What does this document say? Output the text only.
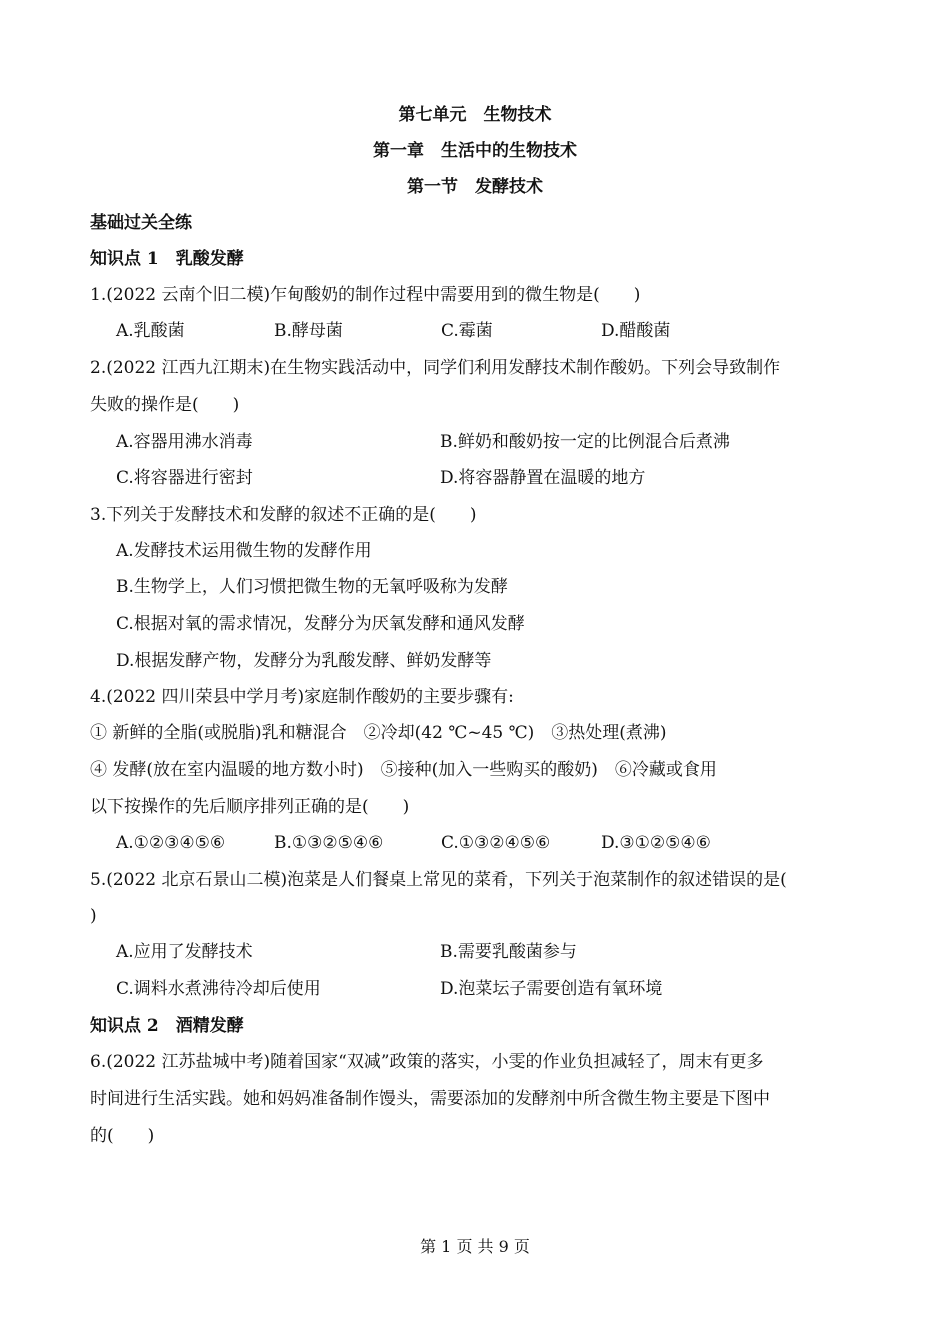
第七单元　生物技术
第一章　生活中的生物技术
第一节　发酵技术
基础过关全练
知识点 1　乳酸发酵
1.(2022 云南个旧二模)乍甸酸奶的制作过程中需要用到的微生物是(　　)
A.乳酸菌	B.酵母菌	C.霉菌	D.醋酸菌
2.(2022 江西九江期末)在生物实践活动中，同学们利用发酵技术制作酸奶。下列会导致制作
失败的操作是(　　)
A.容器用沸水消毒	B.鲜奶和酸奶按一定的比例混合后煮沸
C.将容器进行密封	D.将容器静置在温暖的地方
3.下列关于发酵技术和发酵的叙述不正确的是(　　)
A.发酵技术运用微生物的发酵作用
B.生物学上，人们习惯把微生物的无氧呼吸称为发酵
C.根据对氧的需求情况，发酵分为厌氧发酵和通风发酵
D.根据发酵产物，发酵分为乳酸发酵、鲜奶发酵等
4.(2022 四川荣县中学月考)家庭制作酸奶的主要步骤有:
① 新鲜的全脂(或脱脂)乳和糖混合　②冷却(42 ℃~45 ℃)　③热处理(煮沸)
④ 发酵(放在室内温暖的地方数小时)　⑤接种(加入一些购买的酸奶)　⑥冷藏或食用
以下按操作的先后顺序排列正确的是(　　)
A.①②③④⑤⑥	B.①③②⑤④⑥	C.①③②④⑤⑥	D.③①②⑤④⑥
5.(2022 北京石景山二模)泡菜是人们餐桌上常见的菜肴，下列关于泡菜制作的叙述错误的是(
)
A.应用了发酵技术	B.需要乳酸菌参与
C.调料水煮沸待冷却后使用	D.泡菜坛子需要创造有氧环境
知识点 2　酒精发酵
6.(2022 江苏盐城中考)随着国家“双减”政策的落实，小雯的作业负担减轻了，周末有更多
时间进行生活实践。她和妈妈准备制作馒头，需要添加的发酵剂中所含微生物主要是下图中
的(　　)
第 1 页 共 9 页
